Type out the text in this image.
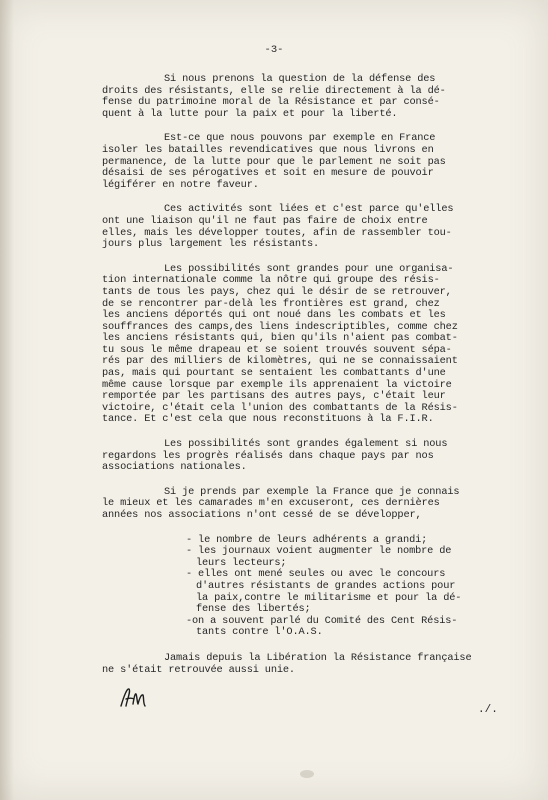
-3-

Si nous prenons la question de la défense des
droits des résistants, elle se relie directement à la dé-
fense du patrimoine moral de la Résistance et par consé-
quent à la lutte pour la paix et pour la liberté.

Est-ce que nous pouvons par exemple en France
isoler les batailles revendicatives que nous livrons en
permanence, de la lutte pour que le parlement ne soit pas
désaisi de ses pérogatives et soit en mesure de pouvoir
légiférer en notre faveur.

Ces activités sont liées et c'est parce qu'elles
ont une liaison qu'il ne faut pas faire de choix entre
elles, mais les développer toutes, afin de rassembler tou-
jours plus largement les résistants.

Les possibilités sont grandes pour une organisa-
tion internationale comme la nôtre qui groupe des résis-
tants de tous les pays, chez qui le désir de se retrouver,
de se rencontrer par-delà les frontières est grand, chez
les anciens déportés qui ont noué dans les combats et les
souffrances des camps,des liens indescriptibles, comme chez
les anciens résistants qui, bien qu'ils n'aient pas combat-
tu sous le même drapeau et se soient trouvés souvent sépa-
rés par des milliers de kilomètres, qui ne se connaissaient
pas, mais qui pourtant se sentaient les combattants d'une
même cause lorsque par exemple ils apprenaient la victoire
remportée par les partisans des autres pays, c'était leur
victoire, c'était cela l'union des combattants de la Résis-
tance. Et c'est cela que nous reconstituons à la F.I.R.

Les possibilités sont grandes également si nous
regardons les progrès réalisés dans chaque pays par nos
associations nationales.

Si je prends par exemple la France que je connais
le mieux et les camarades m'en excuseront, ces dernières
années nos associations n'ont cessé de se développer,

- le nombre de leurs adhérents a grandi;
- les journaux voient augmenter le nombre de
leurs lecteurs;
- elles ont mené seules ou avec le concours
d'autres résistants de grandes actions pour
la paix,contre le militarisme et pour la dé-
fense des libertés;
-on a souvent parlé du Comité des Cent Résis-
tants contre l'O.A.S.

Jamais depuis la Libération la Résistance française
ne s'était retrouvée aussi unie.

./.
